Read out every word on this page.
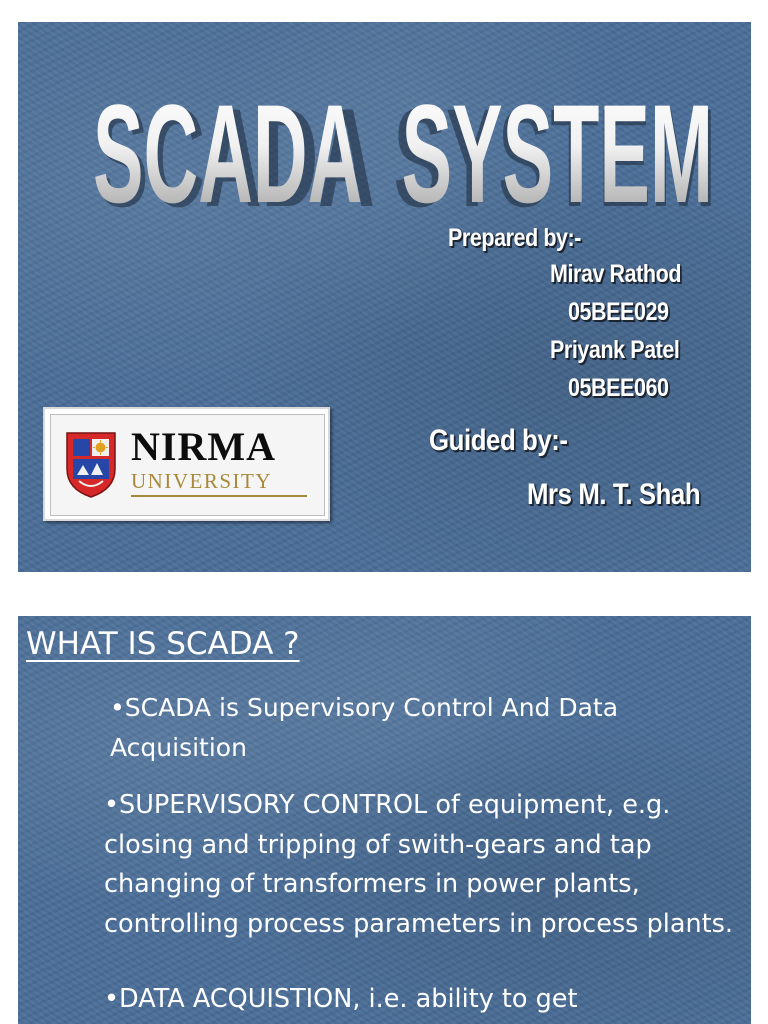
SCADA SYSTEM
SCADA  SYSTEM
Prepared by:-
Mirav Rathod
05BEE029
Priyank Patel
05BEE060
Guided by:-
Mrs M. T. Shah
NIRMA
UNIVERSITY
WHAT IS SCADA ?
•SCADA is Supervisory Control And Data Acquisition
•SUPERVISORY CONTROL of equipment, e.g. closing and tripping of swith-gears and tap changing of transformers in power plants, controlling process parameters in process plants.
•DATA ACQUISTION, i.e. ability to get
